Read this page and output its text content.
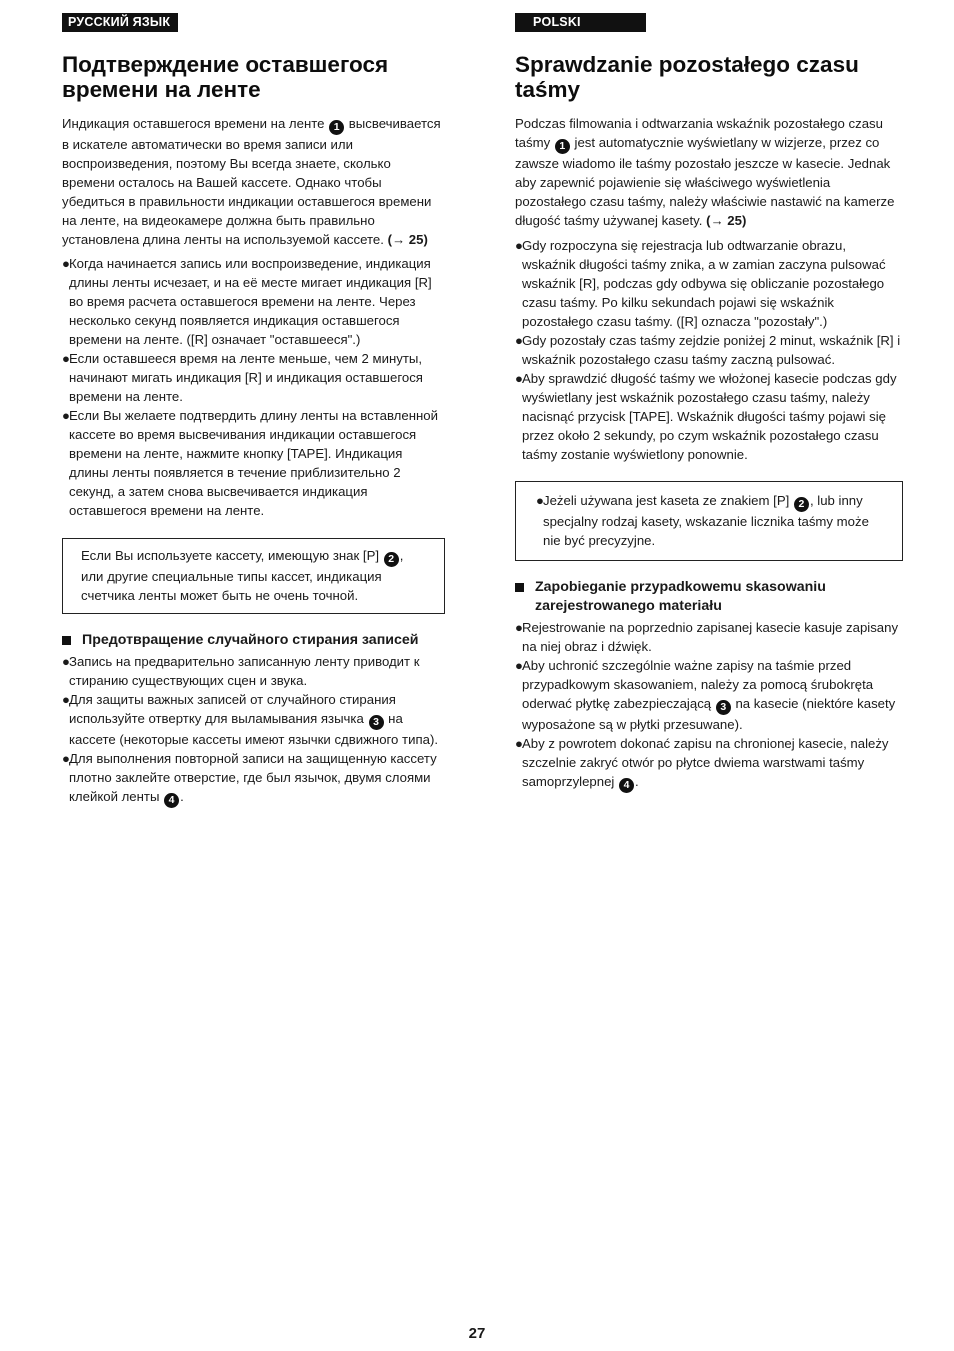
РУССКИЙ ЯЗЫК
Подтверждение оставшегося времени на ленте

Индикация оставшегося времени на ленте 1 высвечивается в искателе автоматически во время записи или воспроизведения, поэтому Вы всегда знаете, сколько времени осталось на Вашей кассете. Однако чтобы убедиться в правильности индикации оставшегося времени на ленте, на видеокамере должна быть правильно установлена длина ленты на используемой кассете. (→ 25)

●Когда начинается запись или воспроизведение, индикация длины ленты исчезает, и на её месте мигает индикация [R] во время расчета оставшегося времени на ленте. Через несколько секунд появляется индикация оставшегося времени на ленте. ([R] означает "оставшееся".)

●Если оставшееся время на ленте меньше, чем 2 минуты, начинают мигать индикация [R] и индикация оставшегося времени на ленте.

●Если Вы желаете подтвердить длину ленты на вставленной кассете во время высвечивания индикации оставшегося времени на ленте, нажмите кнопку [TAPE]. Индикация длины ленты появляется в течение приблизительно 2 секунд, а затем снова высвечивается индикация оставшегося времени на ленте.

Если Вы используете кассету, имеющую знак [P] 2 , или другие специальные типы кассет, индикация счетчика ленты может быть не очень точной.

Предотвращение случайного стирания записей

●Запись на предварительно записанную ленту приводит к стиранию существующих сцен и звука.

●Для защиты важных записей от случайного стирания используйте отвертку для выламывания язычка 3 на кассете (некоторые кассеты имеют язычки сдвижного типа).

●Для выполнения повторной записи на защищенную кассету плотно заклейте отверстие, где был язычок, двумя слоями клейкой ленты 4 .

POLSKI
Sprawdzanie pozostałego czasu taśmy

Podczas filmowania i odtwarzania wskaźnik pozostałego czasu taśmy 1 jest automatycznie wyświetlany w wizjerze, przez co zawsze wiadomo ile taśmy pozostało jeszcze w kasecie. Jednak aby zapewnić pojawienie się właściwego wyświetlenia pozostałego czasu taśmy, należy właściwie nastawić na kamerze długość taśmy używanej kasety. (→ 25)

●Gdy rozpoczyna się rejestracja lub odtwarzanie obrazu, wskaźnik długości taśmy znika, a w zamian zaczyna pulsować wskaźnik [R], podczas gdy odbywa się obliczanie pozostałego czasu taśmy. Po kilku sekundach pojawi się wskaźnik pozostałego czasu taśmy. ([R] oznacza "pozostały".)

●Gdy pozostały czas taśmy zejdzie poniżej 2 minut, wskaźnik [R] i wskaźnik pozostałego czasu taśmy zaczną pulsować.

●Aby sprawdzić długość taśmy we włożonej kasecie podczas gdy wyświetlany jest wskaźnik pozostałego czasu taśmy, należy nacisnąć przycisk [TAPE]. Wskaźnik długości taśmy pojawi się przez około 2 sekundy, po czym wskaźnik pozostałego czasu taśmy zostanie wyświetlony ponownie.

●Jeżeli używana jest kaseta ze znakiem [P] 2 , lub inny specjalny rodzaj kasety, wskazanie licznika taśmy może nie być precyzyjne.

Zapobieganie przypadkowemu skasowaniu zarejestrowanego materiału

●Rejestrowanie na poprzednio zapisanej kasecie kasuje zapisany na niej obraz i dźwięk.

●Aby uchronić szczególnie ważne zapisy na taśmie przed przypadkowym skasowaniem, należy za pomocą śrubokręta oderwać płytkę zabezpieczającą 3 na kasecie (niektóre kasety wyposażone są w płytki przesuwane).

●Aby z powrotem dokonać zapisu na chronionej kasecie, należy szczelnie zakryć otwór po płytce dwiema warstwami taśmy samoprzylepnej 4 .

27
